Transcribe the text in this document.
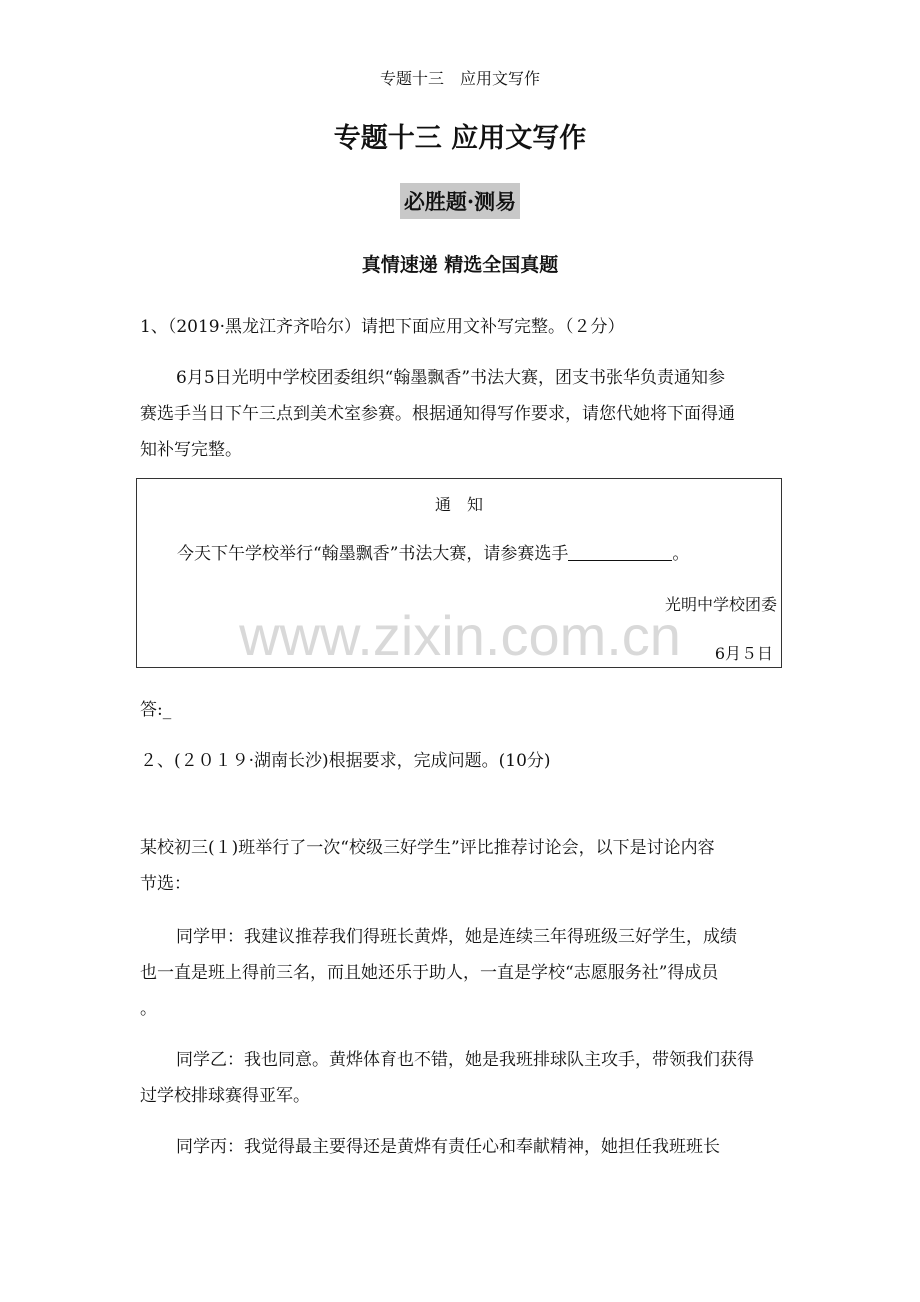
专题十三　应用文写作
专题十三 应用文写作
必胜题·测易
真情速递 精选全国真题
1、（2019·黑龙江齐齐哈尔）请把下面应用文补写完整。（２分）
6月5日光明中学校团委组织“翰墨飘香”书法大赛，团支书张华负责通知参
赛选手当日下午三点到美术室参赛。根据通知得写作要求，请您代她将下面得通
知补写完整。
通　知
今天下午学校举行“翰墨飘香”书法大赛，请参赛选手	。
光明中学校团委
6月５日
答:_
２、(２０１９·湖南长沙)根据要求，完成问题。(10分)
某校初三(１)班举行了一次“校级三好学生”评比推荐讨论会，以下是讨论内容
节选：
同学甲：我建议推荐我们得班长黄烨，她是连续三年得班级三好学生，成绩
也一直是班上得前三名，而且她还乐于助人，一直是学校“志愿服务社”得成员
。
同学乙：我也同意。黄烨体育也不错，她是我班排球队主攻手，带领我们获得
过学校排球赛得亚军。
同学丙：我觉得最主要得还是黄烨有责任心和奉献精神，她担任我班班长
www.zixin.com.cn
